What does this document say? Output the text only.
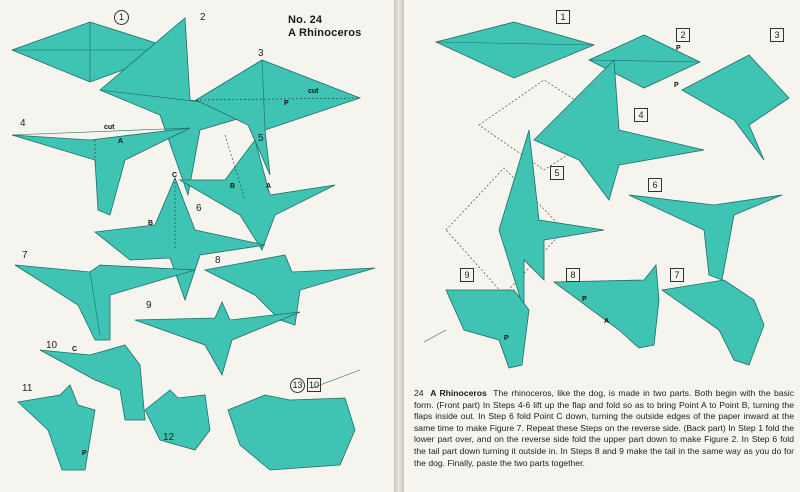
No. 24
A Rhinoceros
1	2
3
4
5
6
7	8
9
10
11
12
13 10
cut
cut
A
B	A
C
B
C
P
P
1
2	3
4
5
6
7
8
9
P
P
P
A
P
24 A Rhinoceros The rhinoceros, like the dog, is made in two parts. Both begin with the basic form. (Front part) In Steps 4-6 lift up the flap and fold so as to bring Point A to Point B, turning the flaps inside out. In Step 6 fold Point C down, turning the outside edges of the paper inward at the same time to make Figure 7. Repeat these Steps on the reverse side. (Back part) In Step 1 fold the lower part over, and on the reverse side fold the upper part down to make Figure 2. In Step 6 fold the tail part down turning it outside in. In Steps 8 and 9 make the tail in the same way as you do for the dog. Finally, paste the two parts together.
